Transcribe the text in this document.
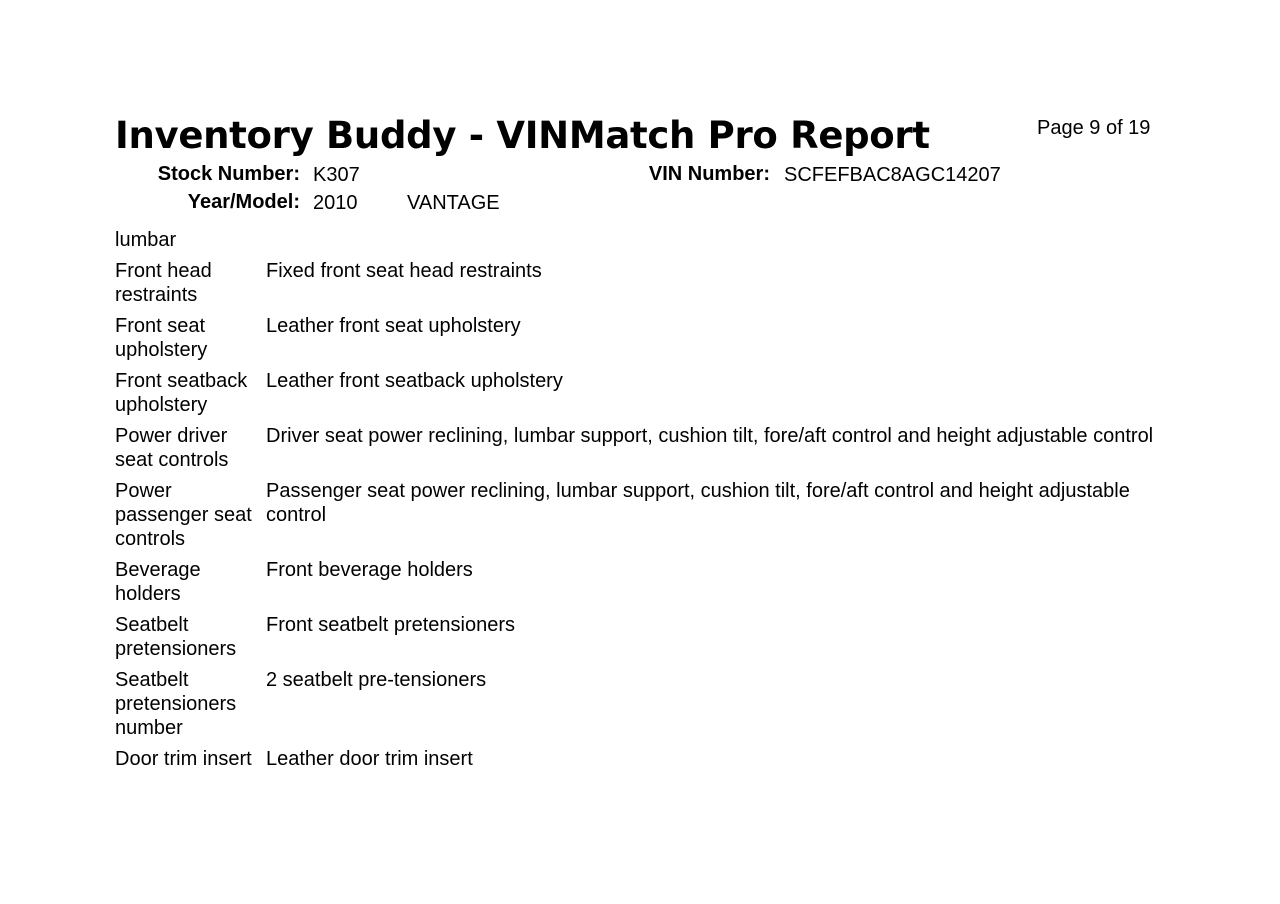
Inventory Buddy - VINMatch Pro Report	Page 9 of 19
Stock Number: K307	VIN Number: SCFEFBAC8AGC14207
Year/Model: 2010 VANTAGE
lumbar
Front head restraints
Fixed front seat head restraints
Front seat upholstery
Leather front seat upholstery
Front seatback upholstery
Leather front seatback upholstery
Power driver seat controls
Driver seat power reclining, lumbar support, cushion tilt, fore/aft control and height adjustable control
Power passenger seat controls
Passenger seat power reclining, lumbar support, cushion tilt, fore/aft control and height adjustable control
Beverage holders
Front beverage holders
Seatbelt pretensioners
Front seatbelt pretensioners
Seatbelt pretensioners number
2 seatbelt pre-tensioners
Door trim insert Leather door trim insert
